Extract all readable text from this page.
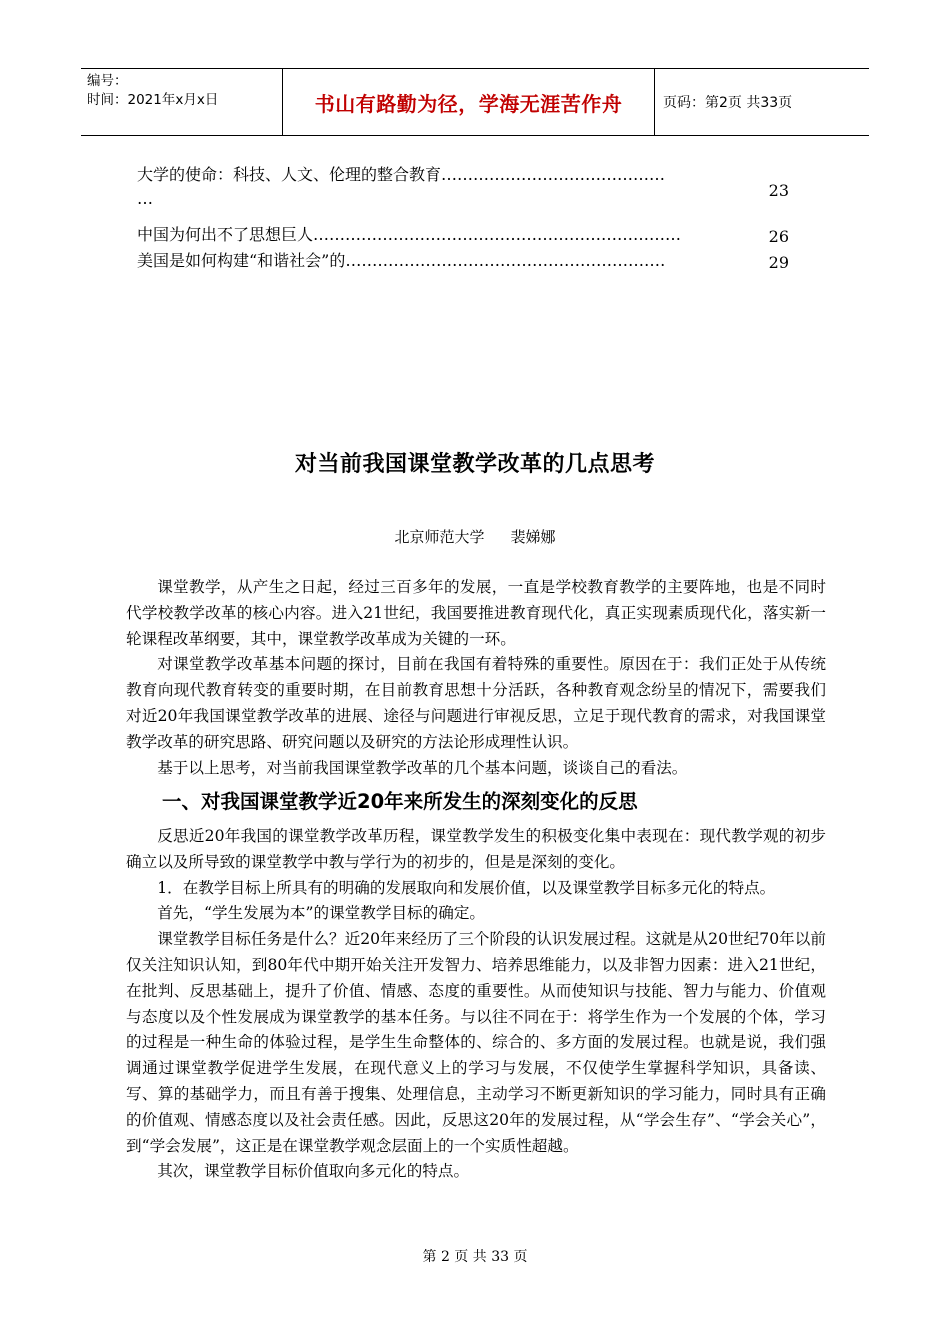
编号：
时间：2021年x月x日	书山有路勤为径，学海无涯苦作舟	页码：第2页 共33页
大学的使命：科技、人文、伦理的整合教育……………………………………
…	23
中国为何出不了思想巨人……………………………………………………………	26
美国是如何构建“和谐社会”的……………………………………………………	29
对当前我国课堂教学改革的几点思考
北京师范大学 裴娣娜

课堂教学，从产生之日起，经过三百多年的发展，一直是学校教育教学的主要阵地，也是不同时代学校教学改革的核心内容。进入21世纪，我国要推进教育现代化，真正实现素质现代化，落实新一轮课程改革纲要，其中，课堂教学改革成为关键的一环。

对课堂教学改革基本问题的探讨，目前在我国有着特殊的重要性。原因在于：我们正处于从传统教育向现代教育转变的重要时期，在目前教育思想十分活跃，各种教育观念纷呈的情况下，需要我们对近20年我国课堂教学改革的进展、途径与问题进行审视反思，立足于现代教育的需求，对我国课堂教学改革的研究思路、研究问题以及研究的方法论形成理性认识。

基于以上思考，对当前我国课堂教学改革的几个基本问题，谈谈自己的看法。

一、对我国课堂教学近20年来所发生的深刻变化的反思

反思近20年我国的课堂教学改革历程，课堂教学发生的积极变化集中表现在：现代教学观的初步确立以及所导致的课堂教学中教与学行为的初步的，但是是深刻的变化。

1．在教学目标上所具有的明确的发展取向和发展价值，以及课堂教学目标多元化的特点。

首先，“学生发展为本”的课堂教学目标的确定。

课堂教学目标任务是什么？近20年来经历了三个阶段的认识发展过程。这就是从20世纪70年以前仅关注知识认知，到80年代中期开始关注开发智力、培养思维能力，以及非智力因素：进入21世纪，在批判、反思基础上，提升了价值、情感、态度的重要性。从而使知识与技能、智力与能力、价值观与态度以及个性发展成为课堂教学的基本任务。与以往不同在于：将学生作为一个发展的个体，学习的过程是一种生命的体验过程，是学生生命整体的、综合的、多方面的发展过程。也就是说，我们强调通过课堂教学促进学生发展，在现代意义上的学习与发展，不仅使学生掌握科学知识，具备读、写、算的基础学力，而且有善于搜集、处理信息，主动学习不断更新知识的学习能力，同时具有正确的价值观、情感态度以及社会责任感。因此，反思这20年的发展过程，从“学会生存”、“学会关心”，到“学会发展”，这正是在课堂教学观念层面上的一个实质性超越。

其次，课堂教学目标价值取向多元化的特点。

第 2 页 共 33 页
